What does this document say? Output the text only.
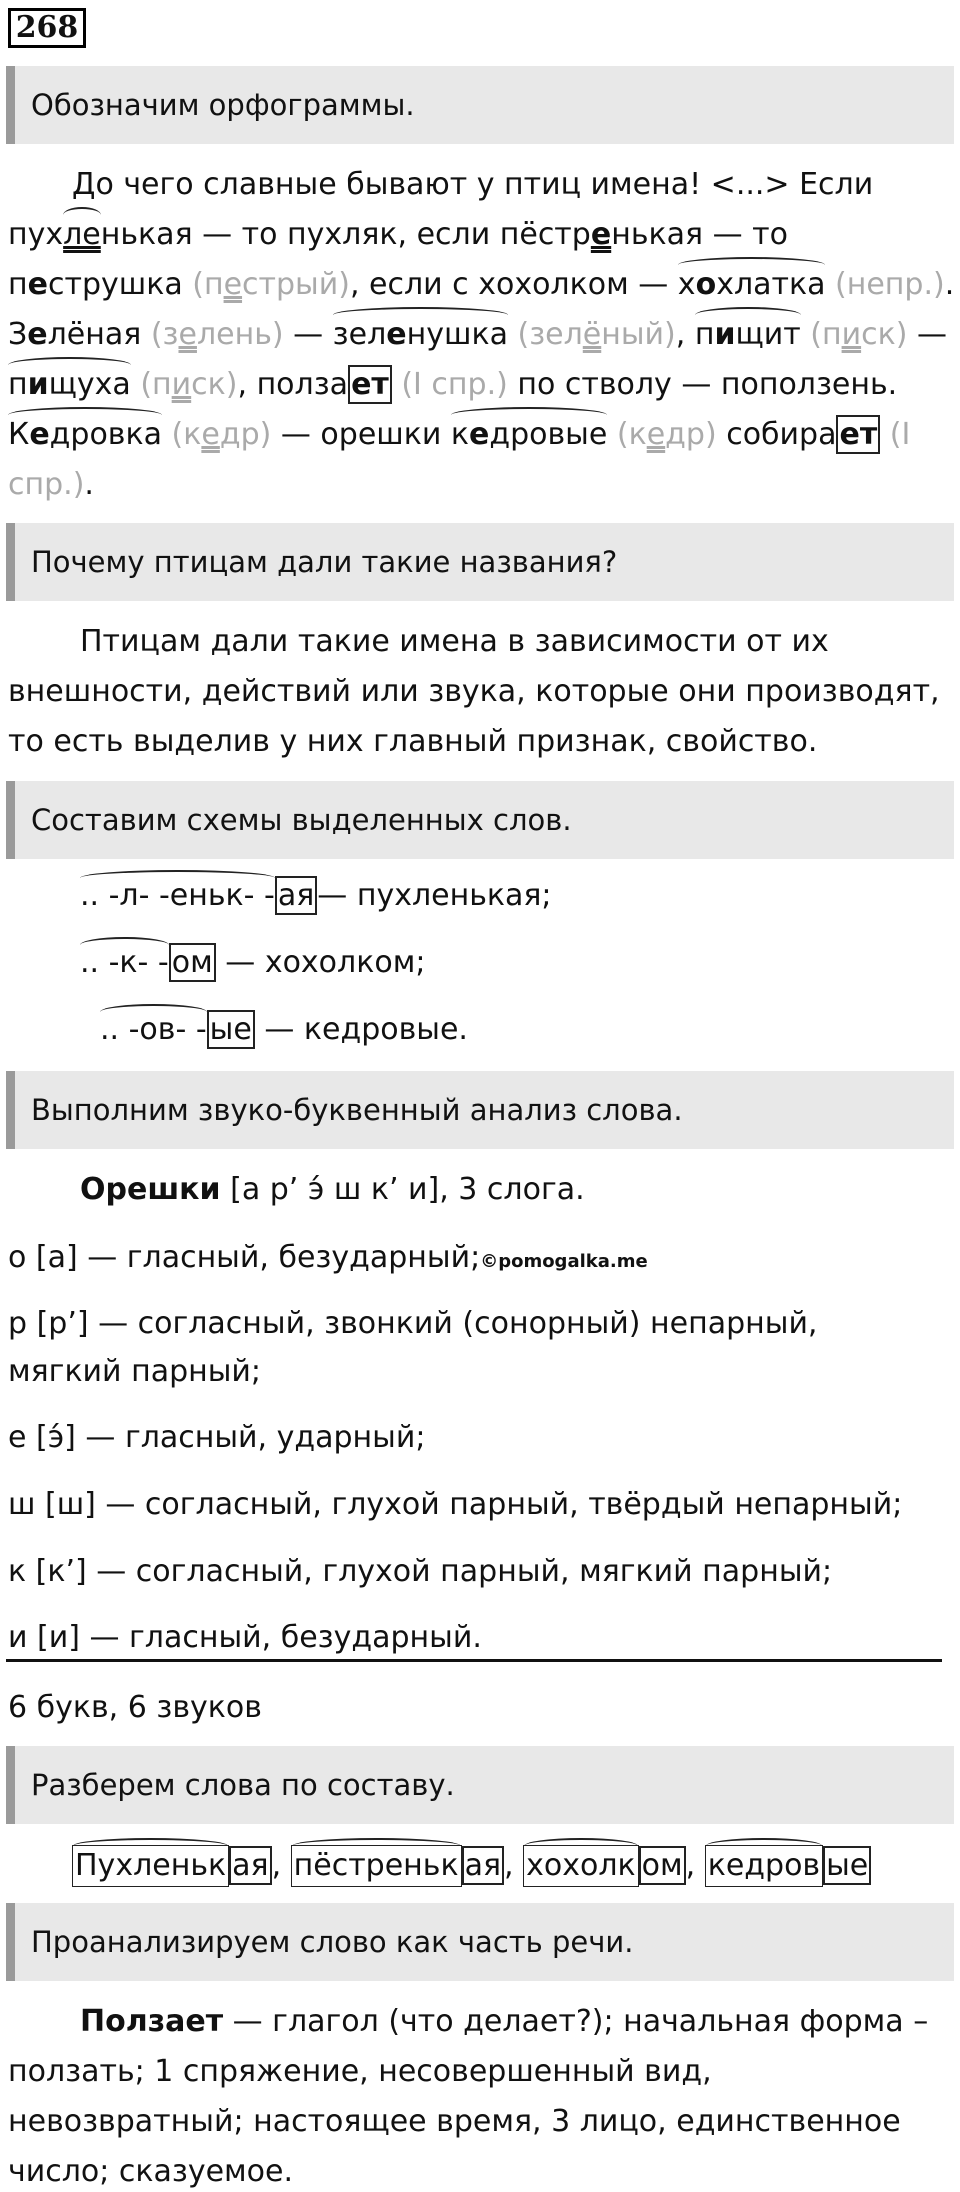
268
Обозначим орфограммы.
До чего славные бывают у птиц имена! <...> Если
пухленькая — то пухляк, если пёстренькая — то
пеструшка (пестрый), если с хохолком — хохлатка (непр.).
Зелёная (зелень) — зеленушка (зелёный), пищит (писк) —
пищуха (писк), полза ет (I спр.) по стволу — поползень.
Кедровка (кедр) — орешки кедровые (кедр) собира ет (I
спр.).
Почему птицам дали такие названия?
Птицам дали такие имена в зависимости от их
внешности, действий или звука, которые они производят,
то есть выделив у них главный признак, свойство.
Составим схемы выделенных слов.
.. -л- -еньк- - ая — пухленькая;
.. -к- - ом — хохолком;
.. -ов- - ые — кедровые.
Выполним звуко-буквенный анализ слова.
Орешки [а р’ э́ ш к’ и], 3 слога.
о [а] — гласный, безударный;©pomogalka.me
р [р’] — согласный, звонкий (сонорный) непарный,
мягкий парный;
е [э́] — гласный, ударный;
ш [ш] — согласный, глухой парный, твёрдый непарный;
к [к’] — согласный, глухой парный, мягкий парный;
и [и] — гласный, безударный.
6 букв, 6 звуков
Разберем слова по составу.
Пухленьк ая , пёстреньк ая , хохолк ом , кедров ые
Проанализируем слово как часть речи.
Ползает — глагол (что делает?); начальная форма –
ползать; 1 спряжение, несовершенный вид,
невозвратный; настоящее время, 3 лицо, единственное
число; сказуемое.
